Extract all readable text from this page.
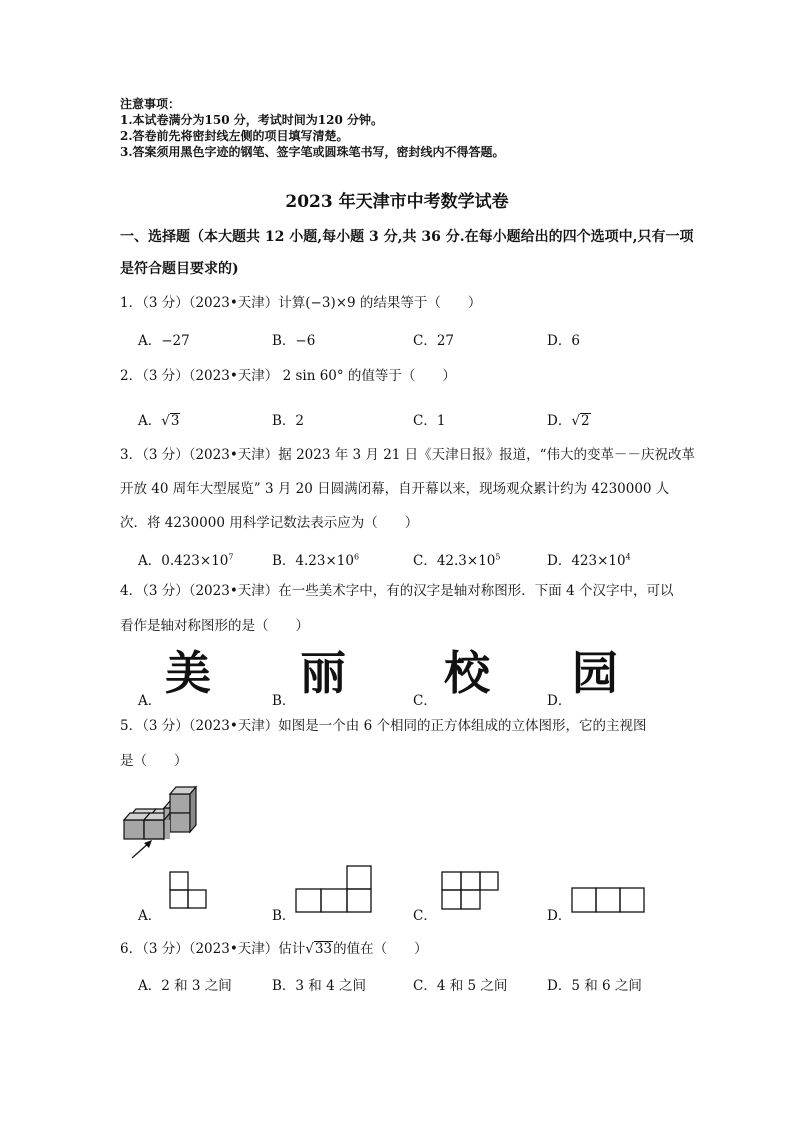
注意事项：
1.本试卷满分为150 分，考试时间为120 分钟。
2.答卷前先将密封线左侧的项目填写清楚。
3.答案须用黑色字迹的钢笔、签字笔或圆珠笔书写，密封线内不得答题。
2023 年天津市中考数学试卷
一、选择题（本大题共 12 小题,每小题 3 分,共 36 分.在每小题给出的四个选项中,只有一项
是符合题目要求的)
1．（3 分）（2023•天津）计算(−3)×9 的结果等于（　　）
A．−27	B．−6	C．27	D．6
2．（3 分）（2023•天津） 2 sin 60° 的值等于（　　）
A．√3	B．2	C．1	D．√2
3．（3 分）（2023•天津）据 2023 年 3 月 21 日《天津日报》报道，“伟大的变革－－庆祝改革
开放 40 周年大型展览” 3 月 20 日圆满闭幕，自开幕以来，现场观众累计约为 4230000 人
次．将 4230000 用科学记数法表示应为（　　）
A．$0.423\times 10^7$	B．$4.23\times 10^6$	C．$42.3\times 10^5$	D．$423\times 10^4$
4．（3 分）（2023•天津）在一些美术字中，有的汉字是轴对称图形．下面 4 个汉字中，可以
看作是轴对称图形的是（　　）
A．
美
B．
丽
C．
校
D．
园
5．（3 分）（2023•天津）如图是一个由 6 个相同的正方体组成的立体图形，它的主视图
是（　　）
A．	B．	C．	D．
6．（3 分）（2023•天津）估计√33的值在（　　）
A．2 和 3 之间	B．3 和 4 之间	C．4 和 5 之间	D．5 和 6 之间
